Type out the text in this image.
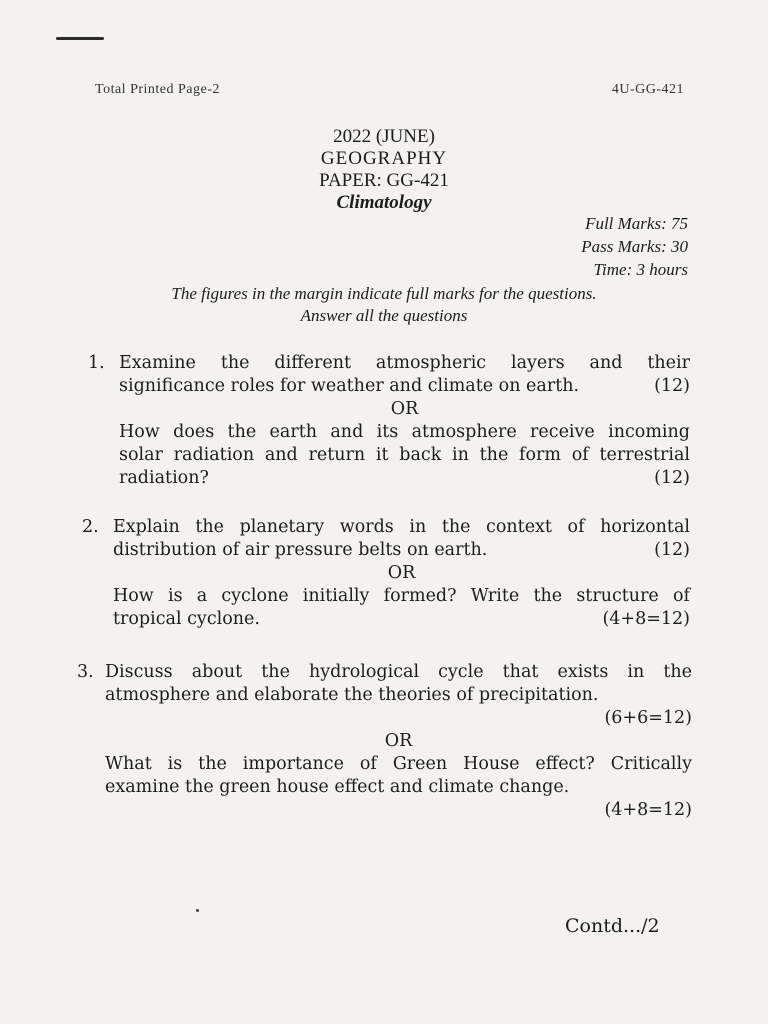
Total Printed Page-2	4U-GG-421
2022 (JUNE)
GEOGRAPHY
PAPER: GG-421
Climatology
Full Marks: 75
Pass Marks: 30
Time: 3 hours
The figures in the margin indicate full marks for the questions.
Answer all the questions
1. Examine the different atmospheric layers and their
significance roles for weather and climate on earth.	(12)
OR
How does the earth and its atmosphere receive incoming
solar radiation and return it back in the form of terrestrial
radiation?	(12)
2. Explain the planetary words in the context of horizontal
distribution of air pressure belts on earth.	(12)
OR
How is a cyclone initially formed? Write the structure of
tropical cyclone.	(4+8=12)
3. Discuss about the hydrological cycle that exists in the
atmosphere and elaborate the theories of precipitation.
(6+6=12)
OR
What is the importance of Green House effect? Critically
examine the green house effect and climate change.
(4+8=12)
Contd.../2
